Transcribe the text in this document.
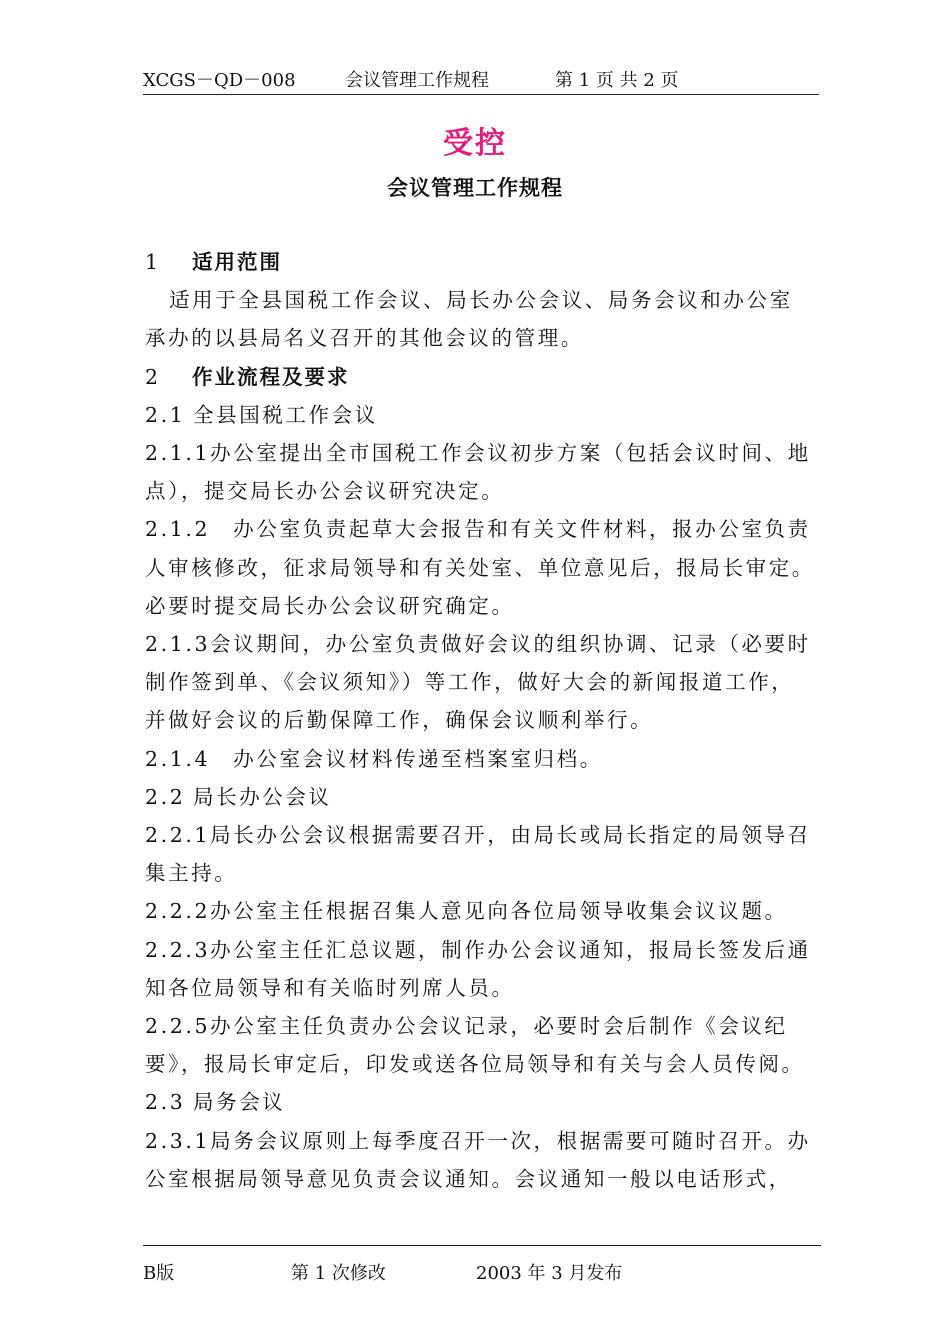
XCGS－QD－008	会议管理工作规程	第 1 页 共 2 页
受控
会议管理工作规程

1 适用范围

适用于全县国税工作会议、局长办公会议、局务会议和办公室

承办的以县局名义召开的其他会议的管理。

2 作业流程及要求

2.1 全县国税工作会议

2.1.1办公室提出全市国税工作会议初步方案（包括会议时间、地

点），提交局长办公会议研究决定。

2.1.2　办公室负责起草大会报告和有关文件材料，报办公室负责

人审核修改，征求局领导和有关处室、单位意见后，报局长审定。

必要时提交局长办公会议研究确定。

2.1.3会议期间，办公室负责做好会议的组织协调、记录（必要时

制作签到单、《会议须知》）等工作，做好大会的新闻报道工作，

并做好会议的后勤保障工作，确保会议顺利举行。

2.1.4　办公室会议材料传递至档案室归档。

2.2 局长办公会议

2.2.1局长办公会议根据需要召开，由局长或局长指定的局领导召

集主持。

2.2.2办公室主任根据召集人意见向各位局领导收集会议议题。

2.2.3办公室主任汇总议题，制作办公会议通知，报局长签发后通

知各位局领导和有关临时列席人员。

2.2.5办公室主任负责办公会议记录，必要时会后制作《会议纪

要》，报局长审定后，印发或送各位局领导和有关与会人员传阅。

2.3 局务会议

2.3.1局务会议原则上每季度召开一次，根据需要可随时召开。办

公室根据局领导意见负责会议通知。会议通知一般以电话形式，

B版	第 1 次修改	2003 年 3 月发布
